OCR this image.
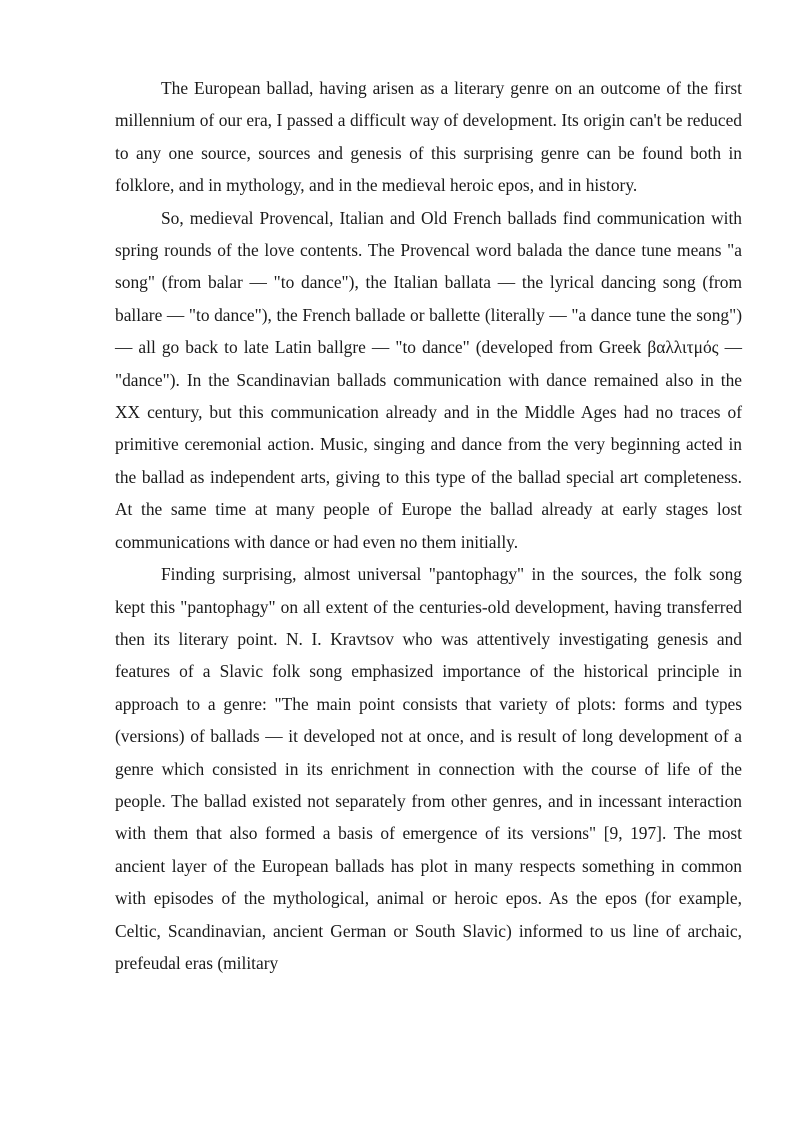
The European ballad, having arisen as a literary genre on an outcome of the first millennium of our era, I passed a difficult way of development. Its origin can't be reduced to any one source, sources and genesis of this surprising genre can be found both in folklore, and in mythology, and in the medieval heroic epos, and in history.

So, medieval Provencal, Italian and Old French ballads find communication with spring rounds of the love contents. The Provencal word balada the dance tune means "a song" (from balar — "to dance"), the Italian ballata — the lyrical dancing song (from ballare — "to dance"), the French ballade or ballette (literally — "a dance tune the song") — all go back to late Latin ballgre — "to dance" (developed from Greek βαλλιτμός — "dance"). In the Scandinavian ballads communication with dance remained also in the XX century, but this communication already and in the Middle Ages had no traces of primitive ceremonial action. Music, singing and dance from the very beginning acted in the ballad as independent arts, giving to this type of the ballad special art completeness. At the same time at many people of Europe the ballad already at early stages lost communications with dance or had even no them initially.

Finding surprising, almost universal "pantophagy" in the sources, the folk song kept this "pantophagy" on all extent of the centuries-old development, having transferred then its literary point. N. I. Kravtsov who was attentively investigating genesis and features of a Slavic folk song emphasized importance of the historical principle in approach to a genre: "The main point consists that variety of plots: forms and types (versions) of ballads — it developed not at once, and is result of long development of a genre which consisted in its enrichment in connection with the course of life of the people. The ballad existed not separately from other genres, and in incessant interaction with them that also formed a basis of emergence of its versions" [9, 197]. The most ancient layer of the European ballads has plot in many respects something in common with episodes of the mythological, animal or heroic epos. As the epos (for example, Celtic, Scandinavian, ancient German or South Slavic) informed to us line of archaic, prefeudal eras (military
